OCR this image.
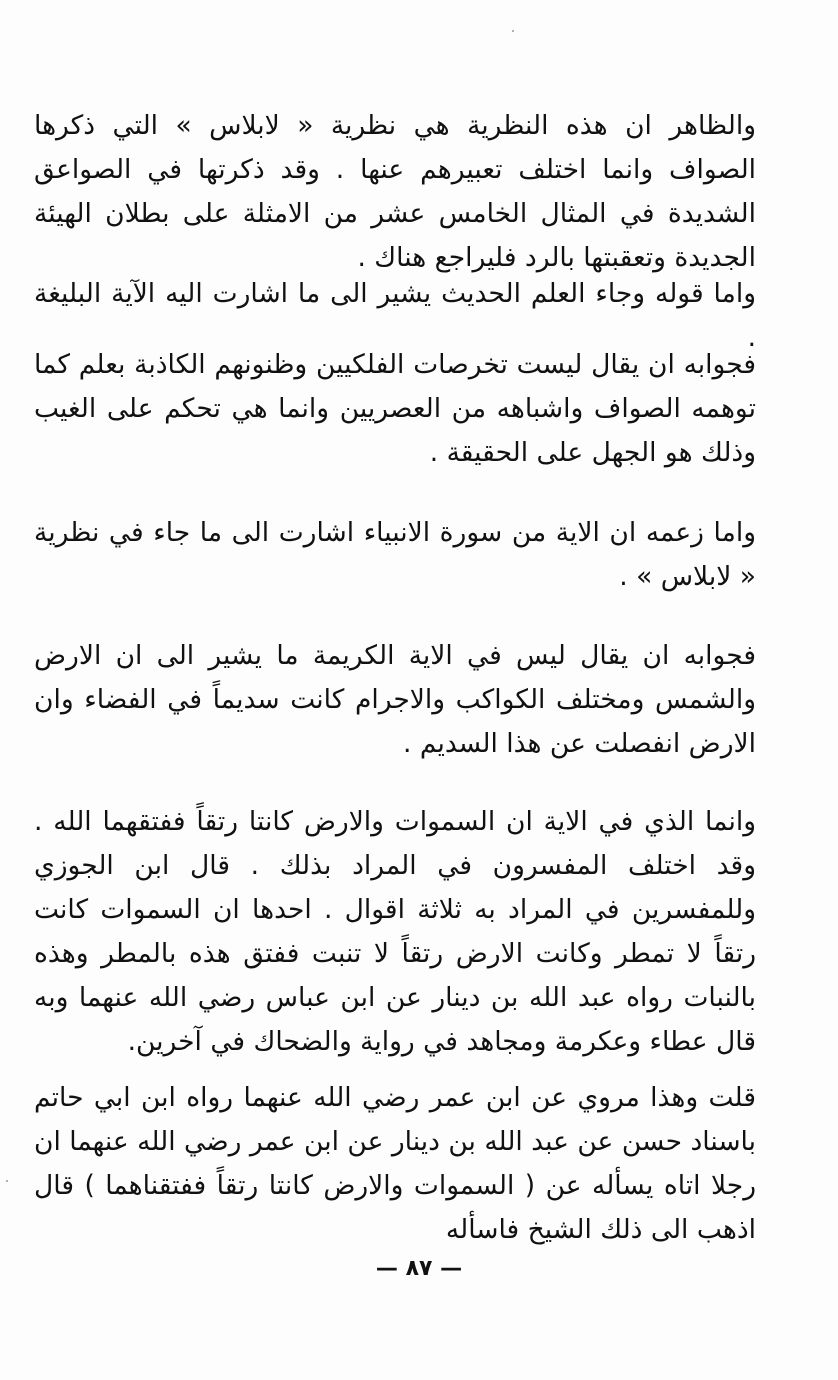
والظاهر ان هذه النظرية هي نظرية « لابلاس » التي ذكرها الصواف وانما اختلف تعبيرهم عنها . وقد ذكرتها في الصواعق الشديدة في المثال الخامس عشر من الامثلة على بطلان الهيئة الجديدة وتعقبتها بالرد فليراجع هناك .
واما قوله وجاء العلم الحديث يشير الى ما اشارت اليه الآية البليغة .
فجوابه ان يقال ليست تخرصات الفلكيين وظنونهم الكاذبة بعلم كما توهمه الصواف واشباهه من العصريين وانما هي تحكم على الغيب وذلك هو الجهل على الحقيقة .
واما زعمه ان الاية من سورة الانبياء اشارت الى ما جاء في نظرية « لابلاس » .
فجوابه ان يقال ليس في الاية الكريمة ما يشير الى ان الارض والشمس ومختلف الكواكب والاجرام كانت سديماً في الفضاء وان الارض انفصلت عن هذا السديم .
وانما الذي في الاية ان السموات والارض كانتا رتقاً ففتقهما الله . وقد اختلف المفسرون في المراد بذلك . قال ابن الجوزي وللمفسرين في المراد به ثلاثة اقوال . احدها ان السموات كانت رتقاً لا تمطر وكانت الارض رتقاً لا تنبت ففتق هذه بالمطر وهذه بالنبات رواه عبد الله بن دينار عن ابن عباس رضي الله عنهما وبه قال عطاء وعكرمة ومجاهد في رواية والضحاك في آخرين.
قلت وهذا مروي عن ابن عمر رضي الله عنهما رواه ابن ابي حاتم باسناد حسن عن عبد الله بن دينار عن ابن عمر رضي الله عنهما ان رجلا اتاه يسأله عن ( السموات والارض كانتا رتقاً ففتقناهما ) قال اذهب الى ذلك الشيخ فاسأله
— ٨٧ —
